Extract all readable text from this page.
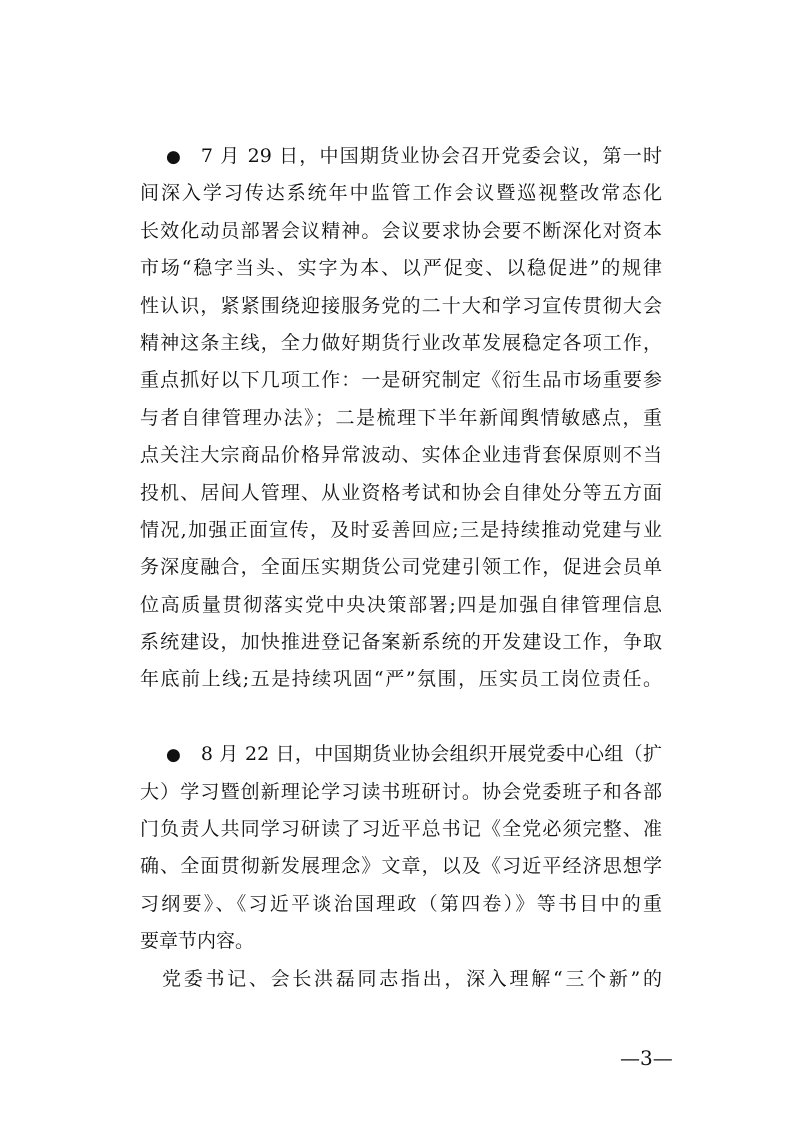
● 7 月 29 日，中国期货业协会召开党委会议，第一时
间深入学习传达系统年中监管工作会议暨巡视整改常态化
长效化动员部署会议精神。会议要求协会要不断深化对资本
市场“稳字当头、实字为本、以严促变、以稳促进”的规律
性认识，紧紧围绕迎接服务党的二十大和学习宣传贯彻大会
精神这条主线，全力做好期货行业改革发展稳定各项工作，
重点抓好以下几项工作：一是研究制定《衍生品市场重要参
与者自律管理办法》；二是梳理下半年新闻舆情敏感点，重
点关注大宗商品价格异常波动、实体企业违背套保原则不当
投机、居间人管理、从业资格考试和协会自律处分等五方面
情况,加强正面宣传，及时妥善回应;三是持续推动党建与业
务深度融合，全面压实期货公司党建引领工作，促进会员单
位高质量贯彻落实党中央决策部署;四是加强自律管理信息
系统建设，加快推进登记备案新系统的开发建设工作，争取
年底前上线;五是持续巩固“严”氛围，压实员工岗位责任。
● 8 月 22 日，中国期货业协会组织开展党委中心组（扩
大）学习暨创新理论学习读书班研讨。协会党委班子和各部
门负责人共同学习研读了习近平总书记《全党必须完整、准
确、全面贯彻新发展理念》文章，以及《习近平经济思想学
习纲要》、《习近平谈治国理政（第四卷）》等书目中的重
要章节内容。
党委书记、会长洪磊同志指出，深入理解“三个新”的
—3—
